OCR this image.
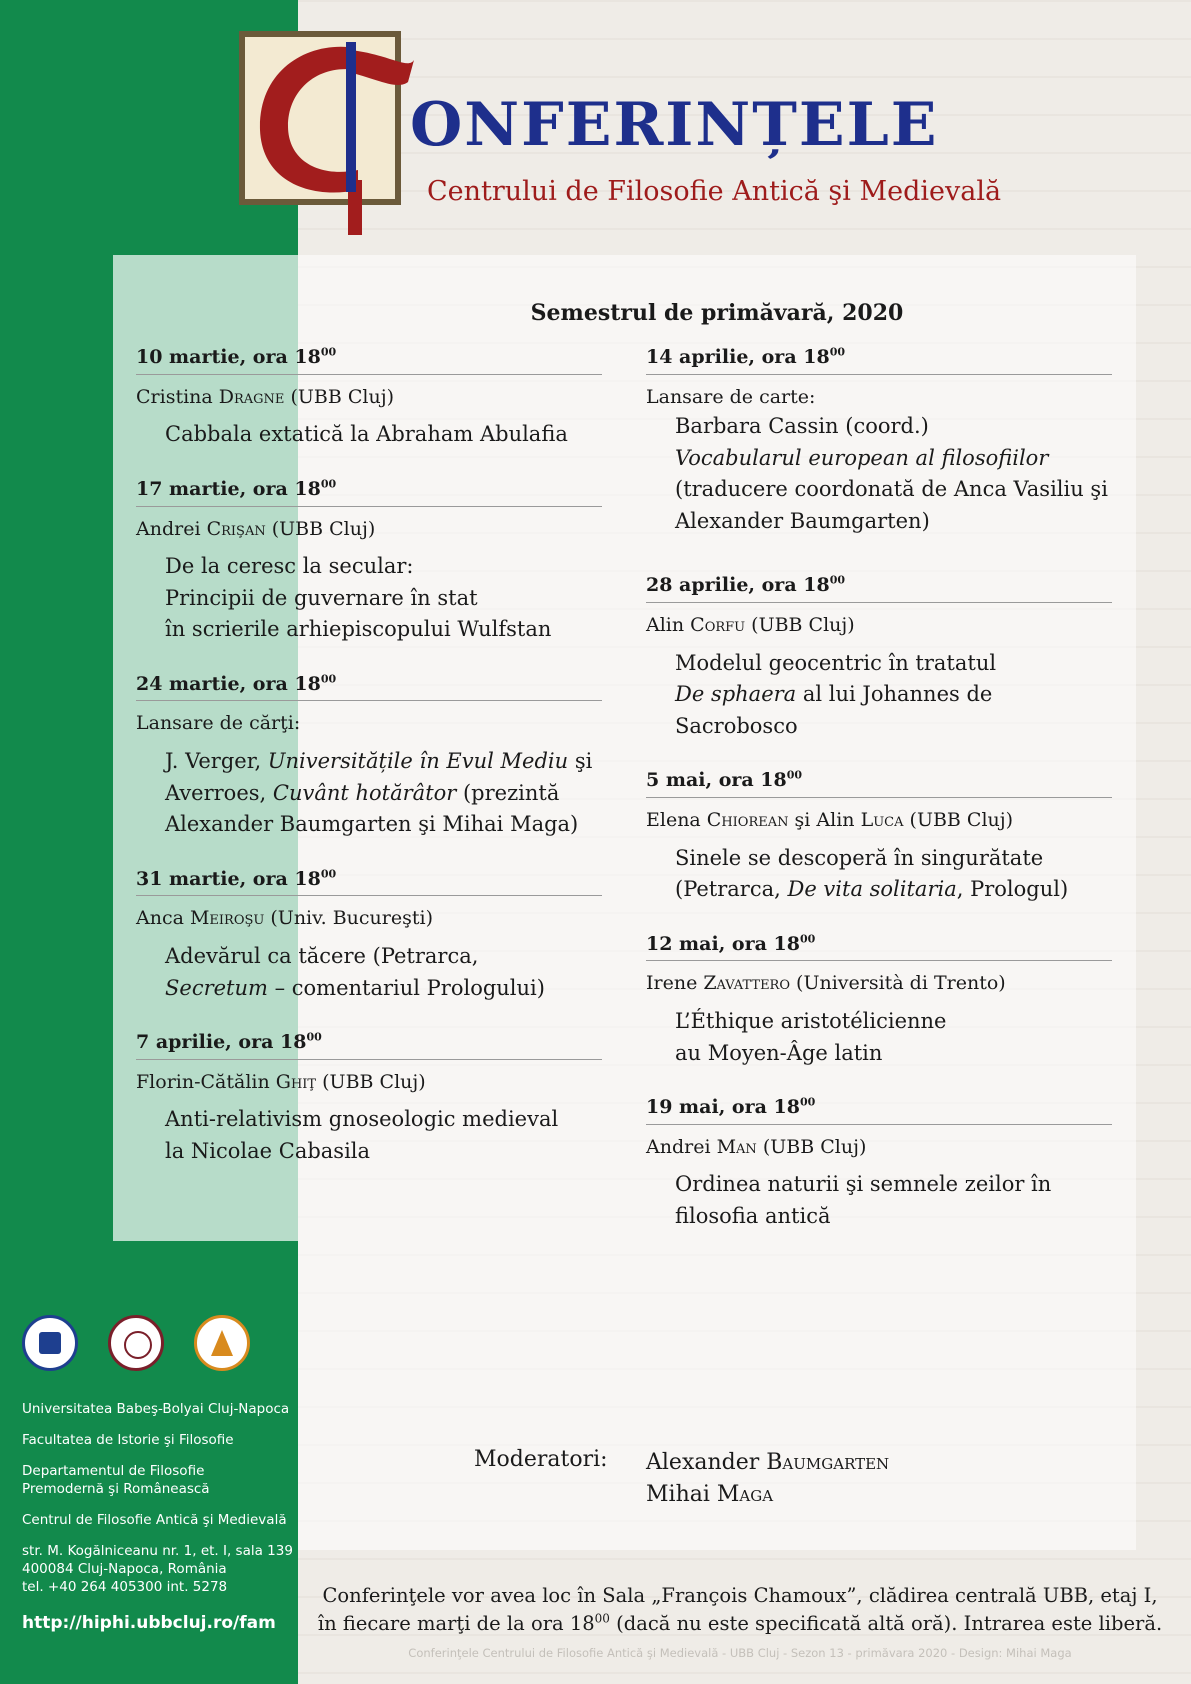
ONFERINȚELE

Centrului de Filosofie Antică şi Medievală

Semestrul de primăvară, 2020

10 martie, ora $18^{00}$
Cristina Dragne (UBB Cluj)
Cabbala extatică la Abraham Abulafia
17 martie, ora $18^{00}$
Andrei Crişan (UBB Cluj)
De la ceresc la secular:
Principii de guvernare în stat
în scrierile arhiepiscopului Wulfstan
24 martie, ora $18^{00}$
Lansare de cărţi:
J. Verger, Universitățile în Evul Mediu şi
Averroes, Cuvânt hotărâtor (prezintă
Alexander Baumgarten şi Mihai Maga)
31 martie, ora $18^{00}$
Anca Meiroşu (Univ. Bucureşti)
Adevărul ca tăcere (Petrarca,
Secretum – comentariul Prologului)
7 aprilie, ora $18^{00}$
Florin-Cătălin Ghiţ (UBB Cluj)
Anti-relativism gnoseologic medieval
la Nicolae Cabasila
14 aprilie, ora $18^{00}$
Lansare de carte:
Barbara Cassin (coord.)
Vocabularul european al filosofiilor
(traducere coordonată de Anca Vasiliu şi
Alexander Baumgarten)
28 aprilie, ora $18^{00}$
Alin Corfu (UBB Cluj)
Modelul geocentric în tratatul
De sphaera al lui Johannes de Sacrobosco
5 mai, ora $18^{00}$
Elena Chiorean şi Alin Luca (UBB Cluj)
Sinele se descoperă în singurătate
(Petrarca, De vita solitaria, Prologul)
12 mai, ora $18^{00}$
Irene Zavattero (Università di Trento)
L’Éthique aristotélicienne
au Moyen-Âge latin
19 mai, ora $18^{00}$
Andrei Man (UBB Cluj)
Ordinea naturii şi semnele zeilor în
filosofia antică

Universitatea Babeş-Bolyai Cluj-Napoca

Facultatea de Istorie şi Filosofie

Departamentul de Filosofie

Premodernă şi Românească

Centrul de Filosofie Antică şi Medievală

str. M. Kogălniceanu nr. 1, et. I, sala 139

400084 Cluj-Napoca, România

tel. +40 264 405300 int. 5278

http://hiphi.ubbcluj.ro/fam

Moderatori: Alexander Baumgarten
Mihai Maga
Conferinţele vor avea loc în Sala „François Chamoux”, clădirea centrală UBB, etaj I,
în fiecare marţi de la ora $18^{00}$ (dacă nu este specificată altă oră). Intrarea este liberă.

Conferinţele Centrului de Filosofie Antică şi Medievală - UBB Cluj - Sezon 13 - primăvara 2020 - Design: Mihai Maga
